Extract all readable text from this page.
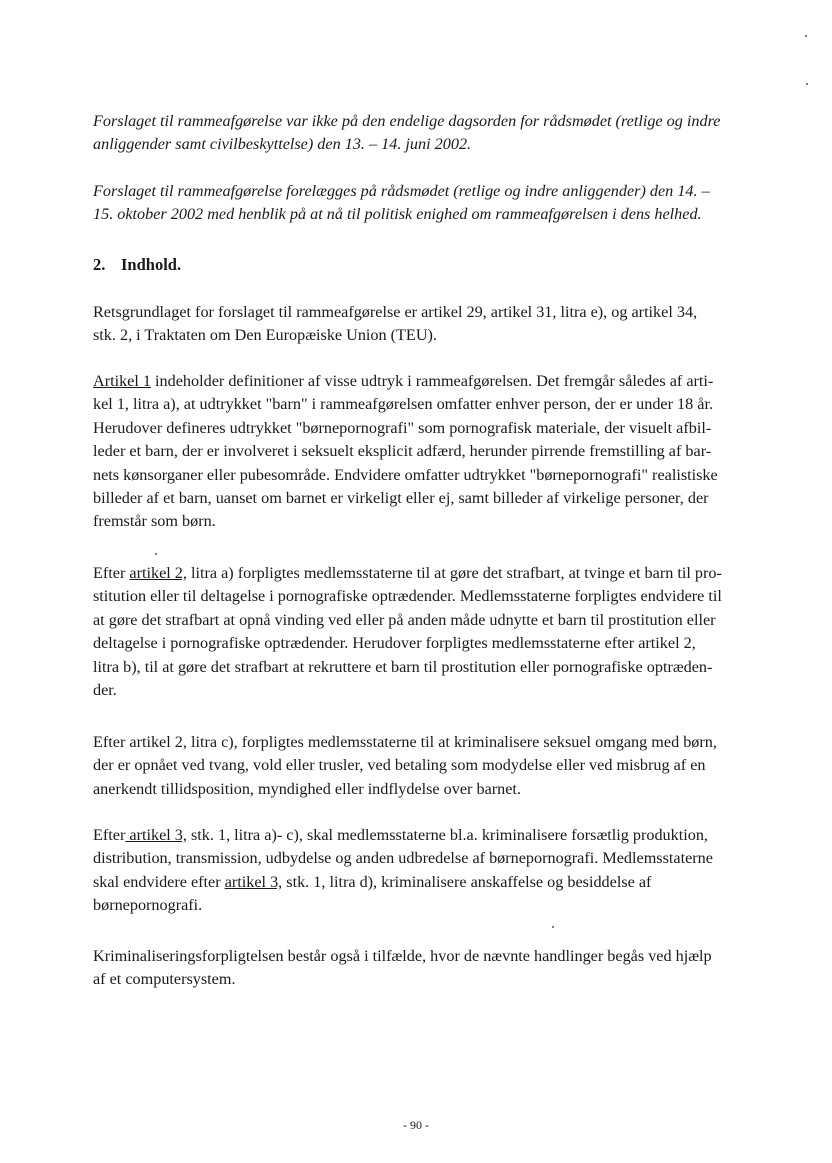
Forslaget til rammeafgørelse var ikke på den endelige dagsorden for rådsmødet (retlige og indre
anliggender samt civilbeskyttelse) den 13. – 14. juni 2002.

Forslaget til rammeafgørelse forelægges på rådsmødet (retlige og indre anliggender) den 14. –
15. oktober 2002 med henblik på at nå til politisk enighed om rammeafgørelsen i dens helhed.

2. Indhold.

Retsgrundlaget for forslaget til rammeafgørelse er artikel 29, artikel 31, litra e), og artikel 34,
stk. 2, i Traktaten om Den Europæiske Union (TEU).

Artikel 1 indeholder definitioner af visse udtryk i rammeafgørelsen. Det fremgår således af arti-
kel 1, litra a), at udtrykket "barn" i rammeafgørelsen omfatter enhver person, der er under 18 år.
Herudover defineres udtrykket "børnepornografi" som pornografisk materiale, der visuelt afbil-
leder et barn, der er involveret i seksuelt eksplicit adfærd, herunder pirrende fremstilling af bar-
nets kønsorganer eller pubesområde. Endvidere omfatter udtrykket "børnepornografi" realistiske
billeder af et barn, uanset om barnet er virkeligt eller ej, samt billeder af virkelige personer, der
fremstår som børn.

Efter artikel 2, litra a) forpligtes medlemsstaterne til at gøre det strafbart, at tvinge et barn til pro-
stitution eller til deltagelse i pornografiske optrædender. Medlemsstaterne forpligtes endvidere til
at gøre det strafbart at opnå vinding ved eller på anden måde udnytte et barn til prostitution eller
deltagelse i pornografiske optrædender. Herudover forpligtes medlemsstaterne efter artikel 2,
litra b), til at gøre det strafbart at rekruttere et barn til prostitution eller pornografiske optræden-
der.

Efter artikel 2, litra c), forpligtes medlemsstaterne til at kriminalisere seksuel omgang med børn,
der er opnået ved tvang, vold eller trusler, ved betaling som modydelse eller ved misbrug af en
anerkendt tillidsposition, myndighed eller indflydelse over barnet.

Efter artikel 3, stk. 1, litra a)- c), skal medlemsstaterne bl.a. kriminalisere forsætlig produktion,
distribution, transmission, udbydelse og anden udbredelse af børnepornografi. Medlemsstaterne
skal endvidere efter artikel 3, stk. 1, litra d), kriminalisere anskaffelse og besiddelse af
børnepornografi.

Kriminaliseringsforpligtelsen består også i tilfælde, hvor de nævnte handlinger begås ved hjælp
af et computersystem.

- 90 -
